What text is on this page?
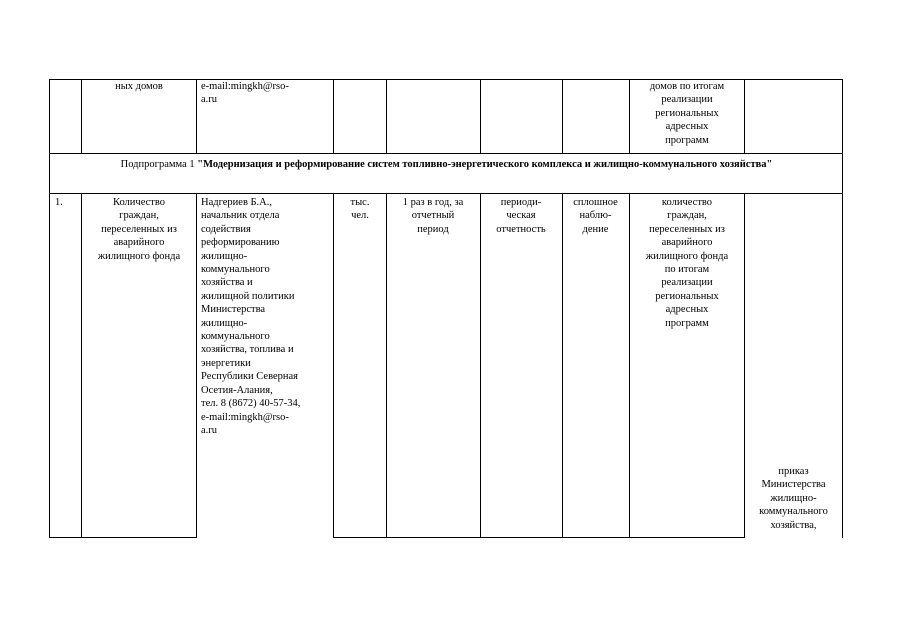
ных домов	e-mail:mingkh@rso-
а.ru
домов по итогам
реализации
региональных
адресных
программ
Подпрограмма 1 "Модернизация и реформирование систем топливно-энергетического комплекса и жилищно-коммунального хозяйства"
1.	Количество
граждан,
переселенных из
аварийного
жилищного фонда
Надгериев Б.А.,
начальник отдела
содействия
реформированию
жилищно-
коммунального
хозяйства и
жилищной политики
Министерства
жилищно-
коммунального
хозяйства, топлива и
энергетики
Республики Северная
Осетия-Алания,
тел. 8 (8672) 40-57-34,
e-mail:mingkh@rso-
а.ru
тыс.
чел.
1 раз в год, за
отчетный
период
периоди-
ческая
отчетность
сплошное
наблю-
дение
количество
граждан,
переселенных из
аварийного
жилищного фонда
по итогам
реализации
региональных
адресных
программ
приказ
Министерства
жилищно-
коммунального
хозяйства,
